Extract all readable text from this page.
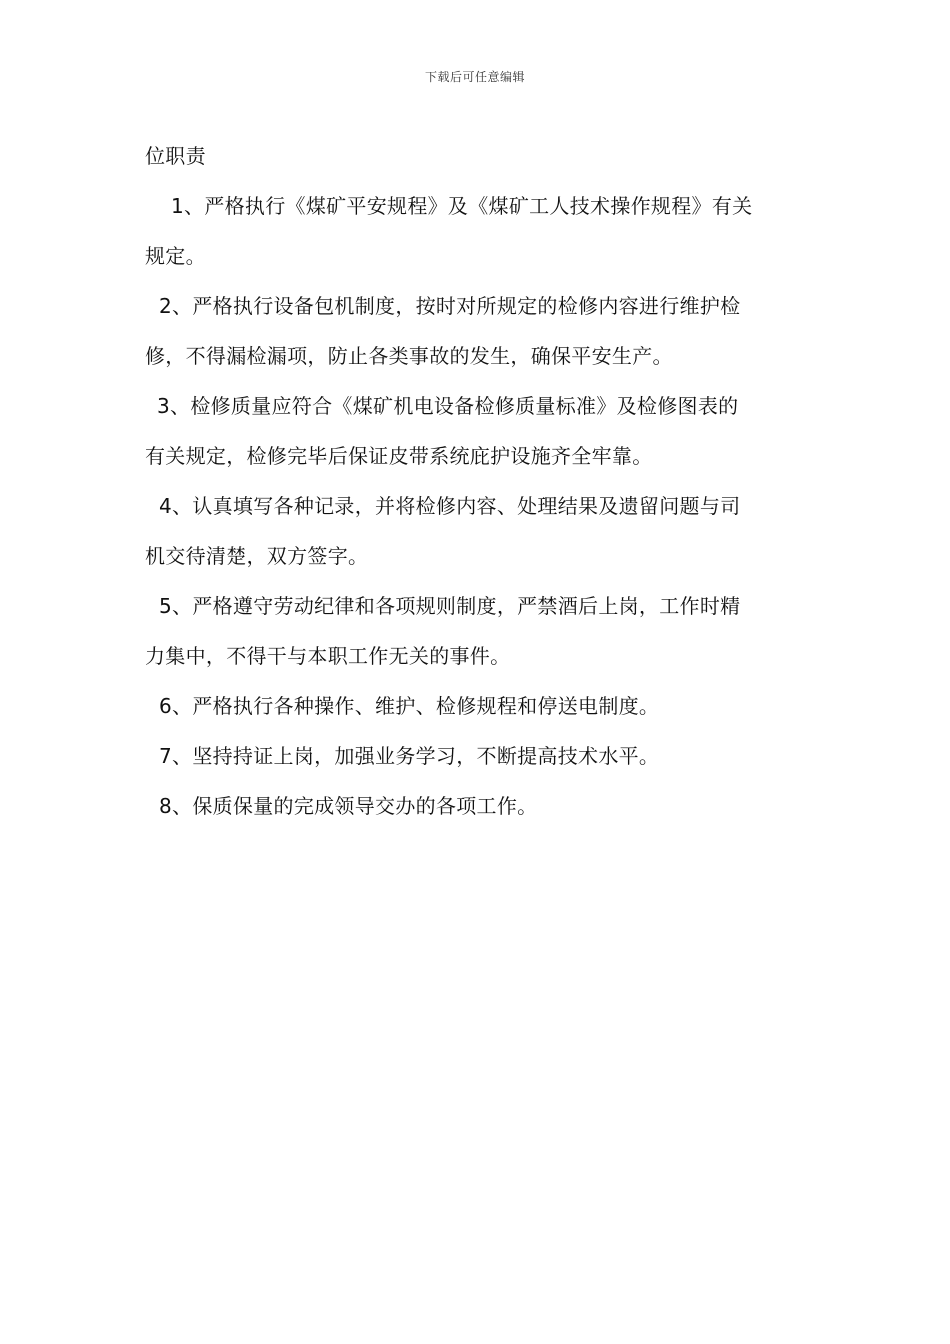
下载后可任意编辑
位职责
1、严格执行《煤矿平安规程》及《煤矿工人技术操作规程》有关
规定。
2、严格执行设备包机制度，按时对所规定的检修内容进行维护检
修，不得漏检漏项，防止各类事故的发生，确保平安生产。
3、检修质量应符合《煤矿机电设备检修质量标准》及检修图表的
有关规定，检修完毕后保证皮带系统庇护设施齐全牢靠。
4、认真填写各种记录，并将检修内容、处理结果及遗留问题与司
机交待清楚，双方签字。
5、严格遵守劳动纪律和各项规则制度，严禁酒后上岗，工作时精
力集中，不得干与本职工作无关的事件。
6、严格执行各种操作、维护、检修规程和停送电制度。
7、坚持持证上岗，加强业务学习，不断提高技术水平。
8、保质保量的完成领导交办的各项工作。
